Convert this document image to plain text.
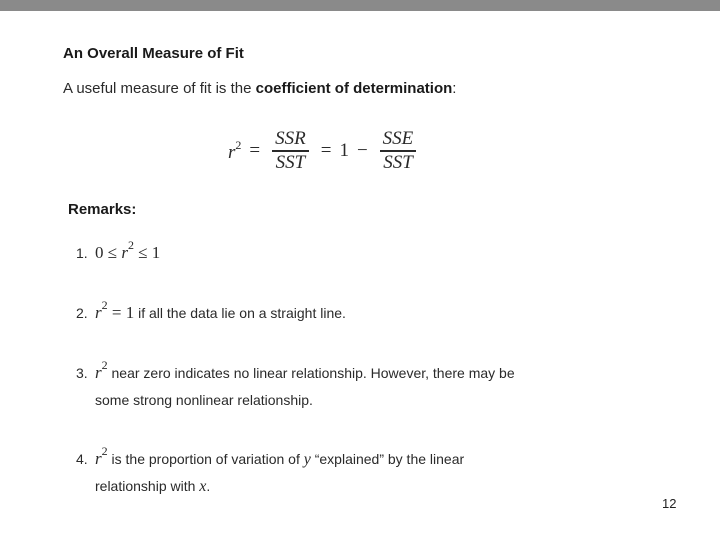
An Overall Measure of Fit
A useful measure of fit is the coefficient of determination:
$r^2 = \frac{\text{SSR}}{\text{SST}} = 1 - \frac{\text{SSE}}{\text{SST}}$
Remarks:
1. $0 \le r^2 \le 1$
2. $r^2 = 1$ if all the data lie on a straight line.
3. $r^2$ near zero indicates no linear relationship. However, there may be
some strong nonlinear relationship.
4. $r^2$ is the proportion of variation of y “explained” by the linear
relationship with x.
12
